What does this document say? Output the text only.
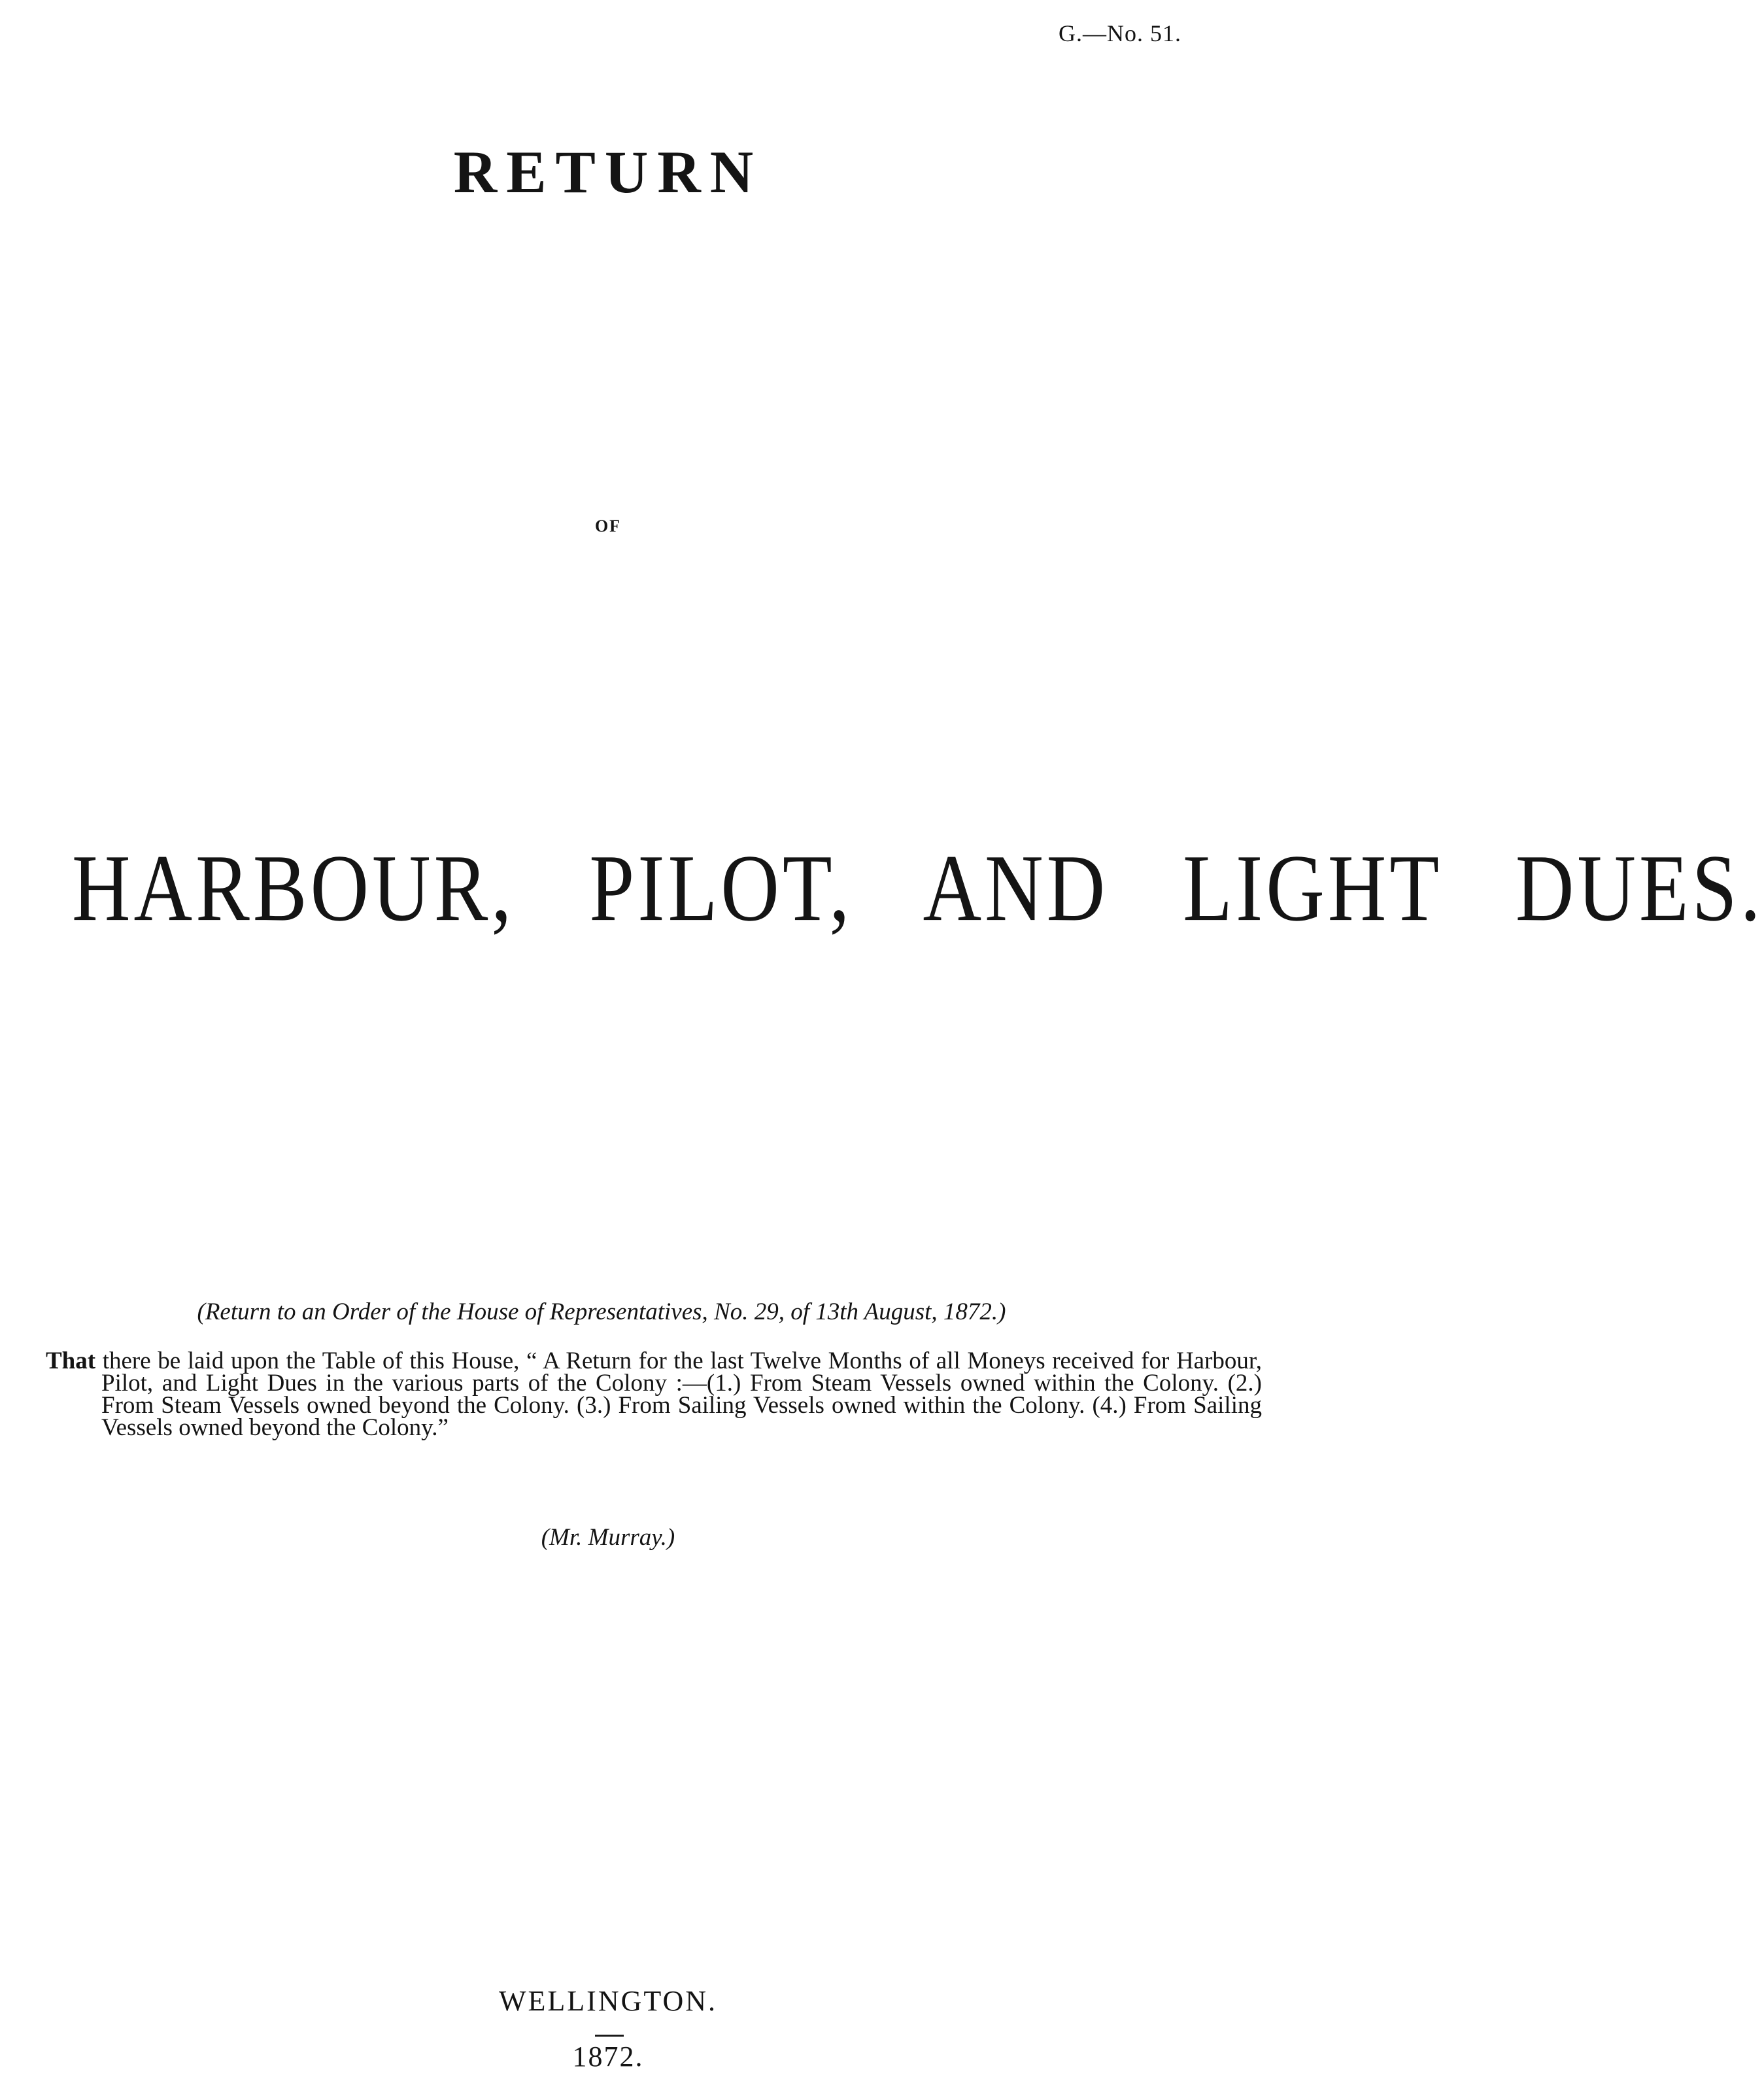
G.—No. 51.
RETURN
OF
HARBOUR, PILOT, AND LIGHT DUES.
(Return to an Order of the House of Representatives, No. 29, of 13th August, 1872.)
That there be laid upon the Table of this House, “ A Return for the last Twelve Months of all Moneys received for Harbour, Pilot, and Light Dues in the various parts of the Colony :—(1.) From Steam Vessels owned within the Colony. (2.) From Steam Vessels owned beyond the Colony. (3.) From Sailing Vessels owned within the Colony. (4.) From Sailing Vessels owned beyond the Colony.”
(Mr. Murray.)
WELLINGTON.
1872.
